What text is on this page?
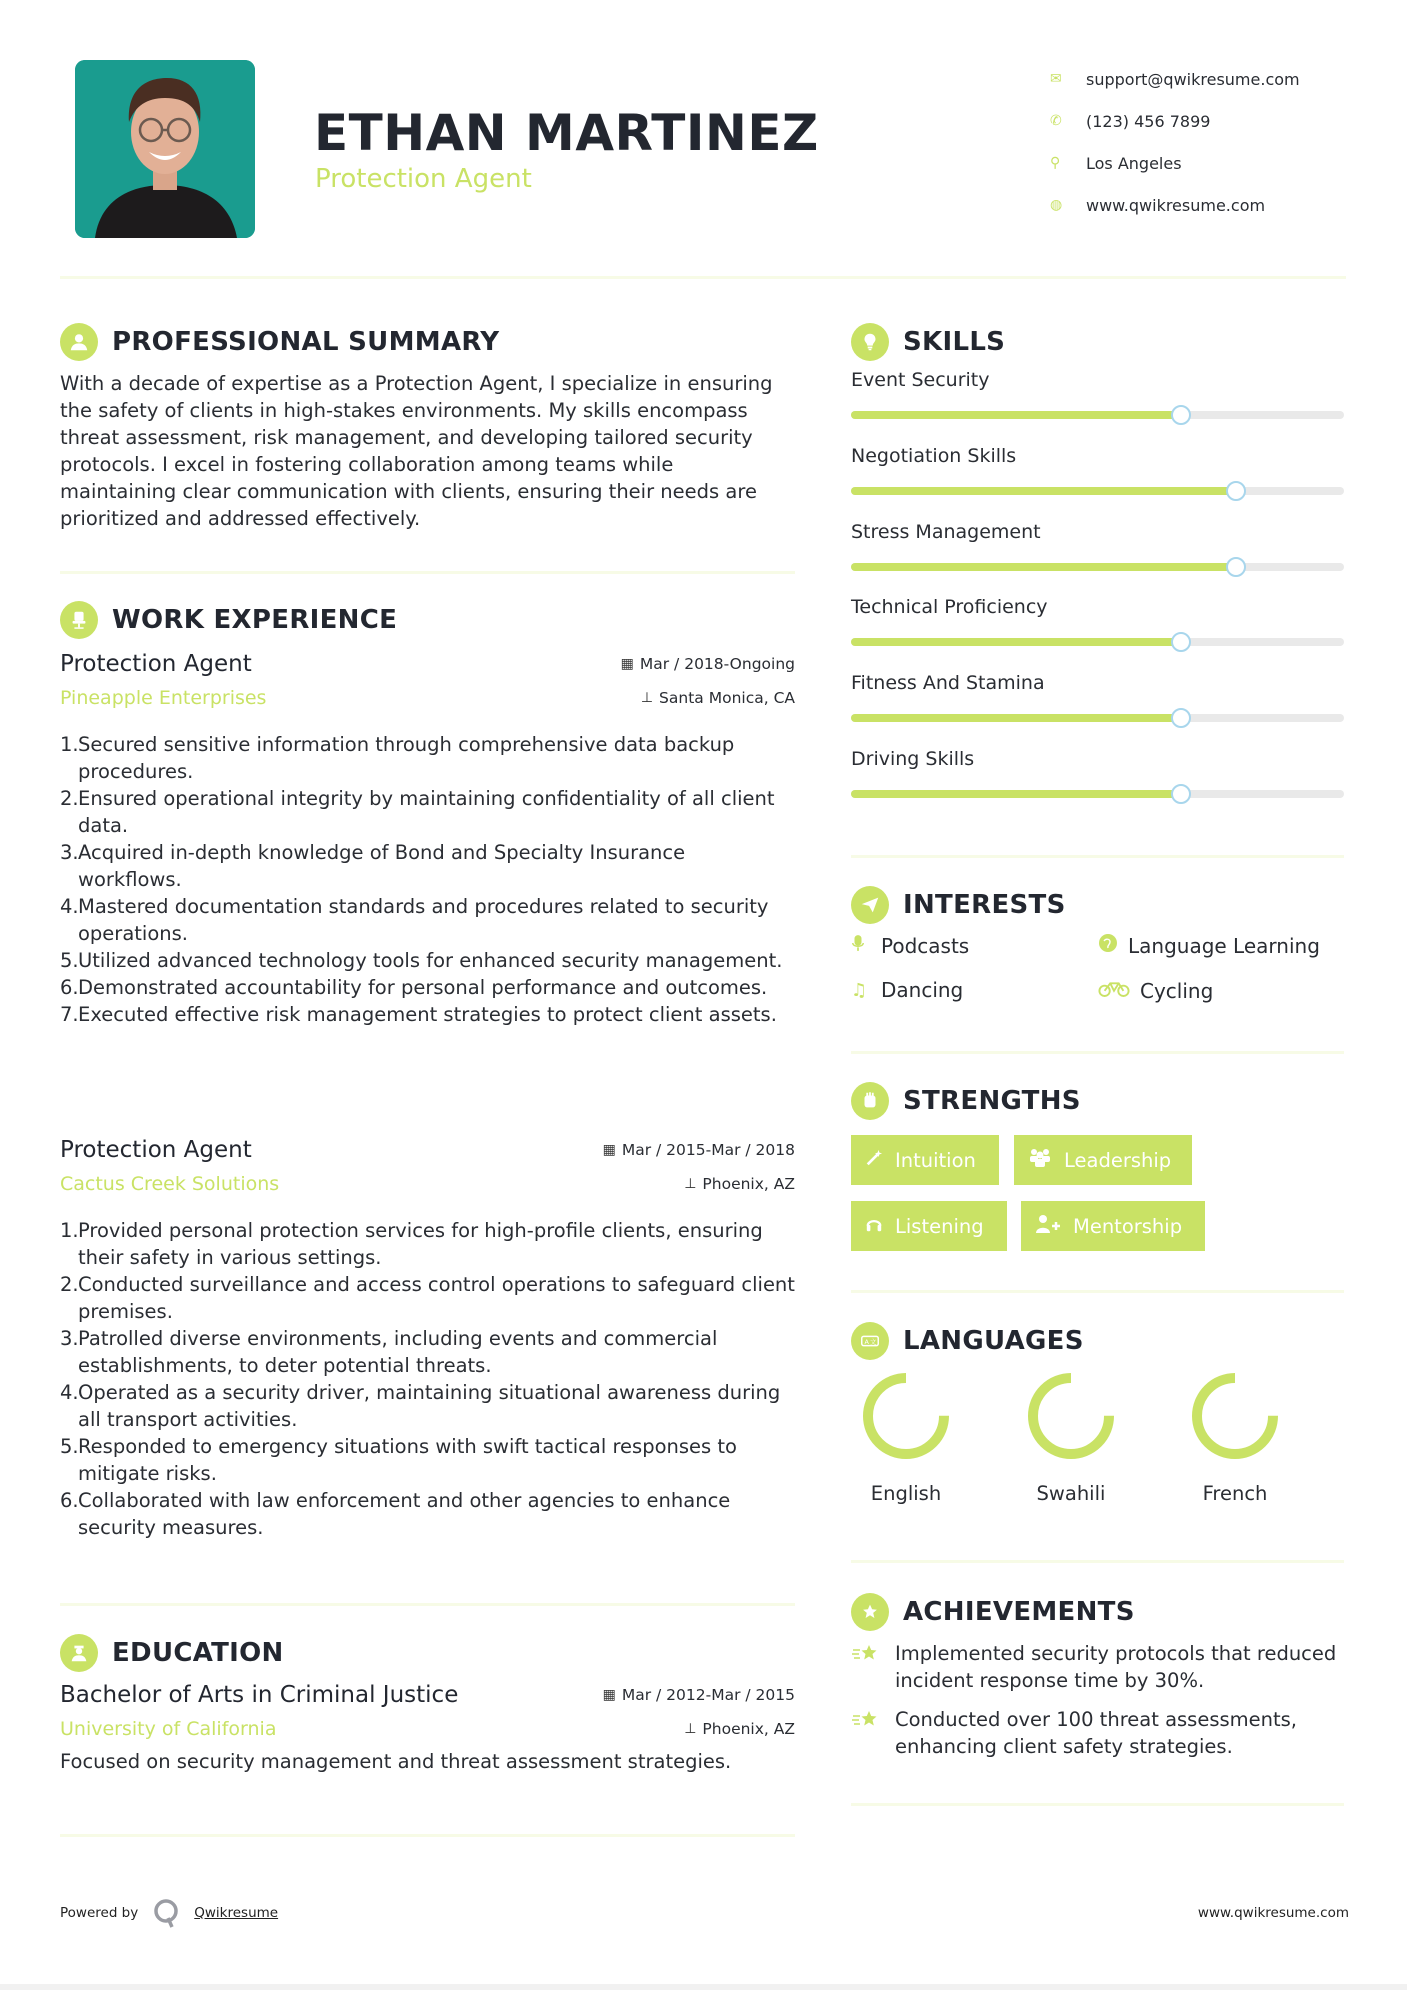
ETHAN MARTINEZ
Protection Agent
✉	support@qwikresume.com
✆	(123) 456 7899
⚲	Los Angeles
◍	www.qwikresume.com
PROFESSIONAL SUMMARY
With a decade of expertise as a Protection Agent, I specialize in ensuring the safety of clients in high-stakes environments. My skills encompass threat assessment, risk management, and developing tailored security protocols. I excel in fostering collaboration among teams while maintaining clear communication with clients, ensuring their needs are prioritized and addressed effectively.
WORK EXPERIENCE
Protection Agent	▦ Mar / 2018-Ongoing
Pineapple Enterprises	⊥ Santa Monica, CA
Secured sensitive information through comprehensive data backup procedures.
Ensured operational integrity by maintaining confidentiality of all client data.
Acquired in-depth knowledge of Bond and Specialty Insurance workflows.
Mastered documentation standards and procedures related to security operations.
Utilized advanced technology tools for enhanced security management.
Demonstrated accountability for personal performance and outcomes.
Executed effective risk management strategies to protect client assets.
Protection Agent	▦ Mar / 2015-Mar / 2018
Cactus Creek Solutions	⊥ Phoenix, AZ
Provided personal protection services for high-profile clients, ensuring their safety in various settings.
Conducted surveillance and access control operations to safeguard client premises.
Patrolled diverse environments, including events and commercial establishments, to deter potential threats.
Operated as a security driver, maintaining situational awareness during all transport activities.
Responded to emergency situations with swift tactical responses to mitigate risks.
Collaborated with law enforcement and other agencies to enhance security measures.
EDUCATION
Bachelor of Arts in Criminal Justice	▦ Mar / 2012-Mar / 2015
University of California	⊥ Phoenix, AZ
Focused on security management and threat assessment strategies.
SKILLS
Event Security
Negotiation Skills
Stress Management
Technical Proficiency
Fitness And Stamina
Driving Skills
INTERESTS
Podcasts	Language Learning
♫ Dancing	Cycling
STRENGTHS
Intuition	Leadership
Listening	Mentorship
A 文 LANGUAGES
English	Swahili	French
ACHIEVEMENTS
Implemented security protocols that reduced incident response time by 30%.
Conducted over 100 threat assessments, enhancing client safety strategies.
Powered by	Qwikresume	www.qwikresume.com
